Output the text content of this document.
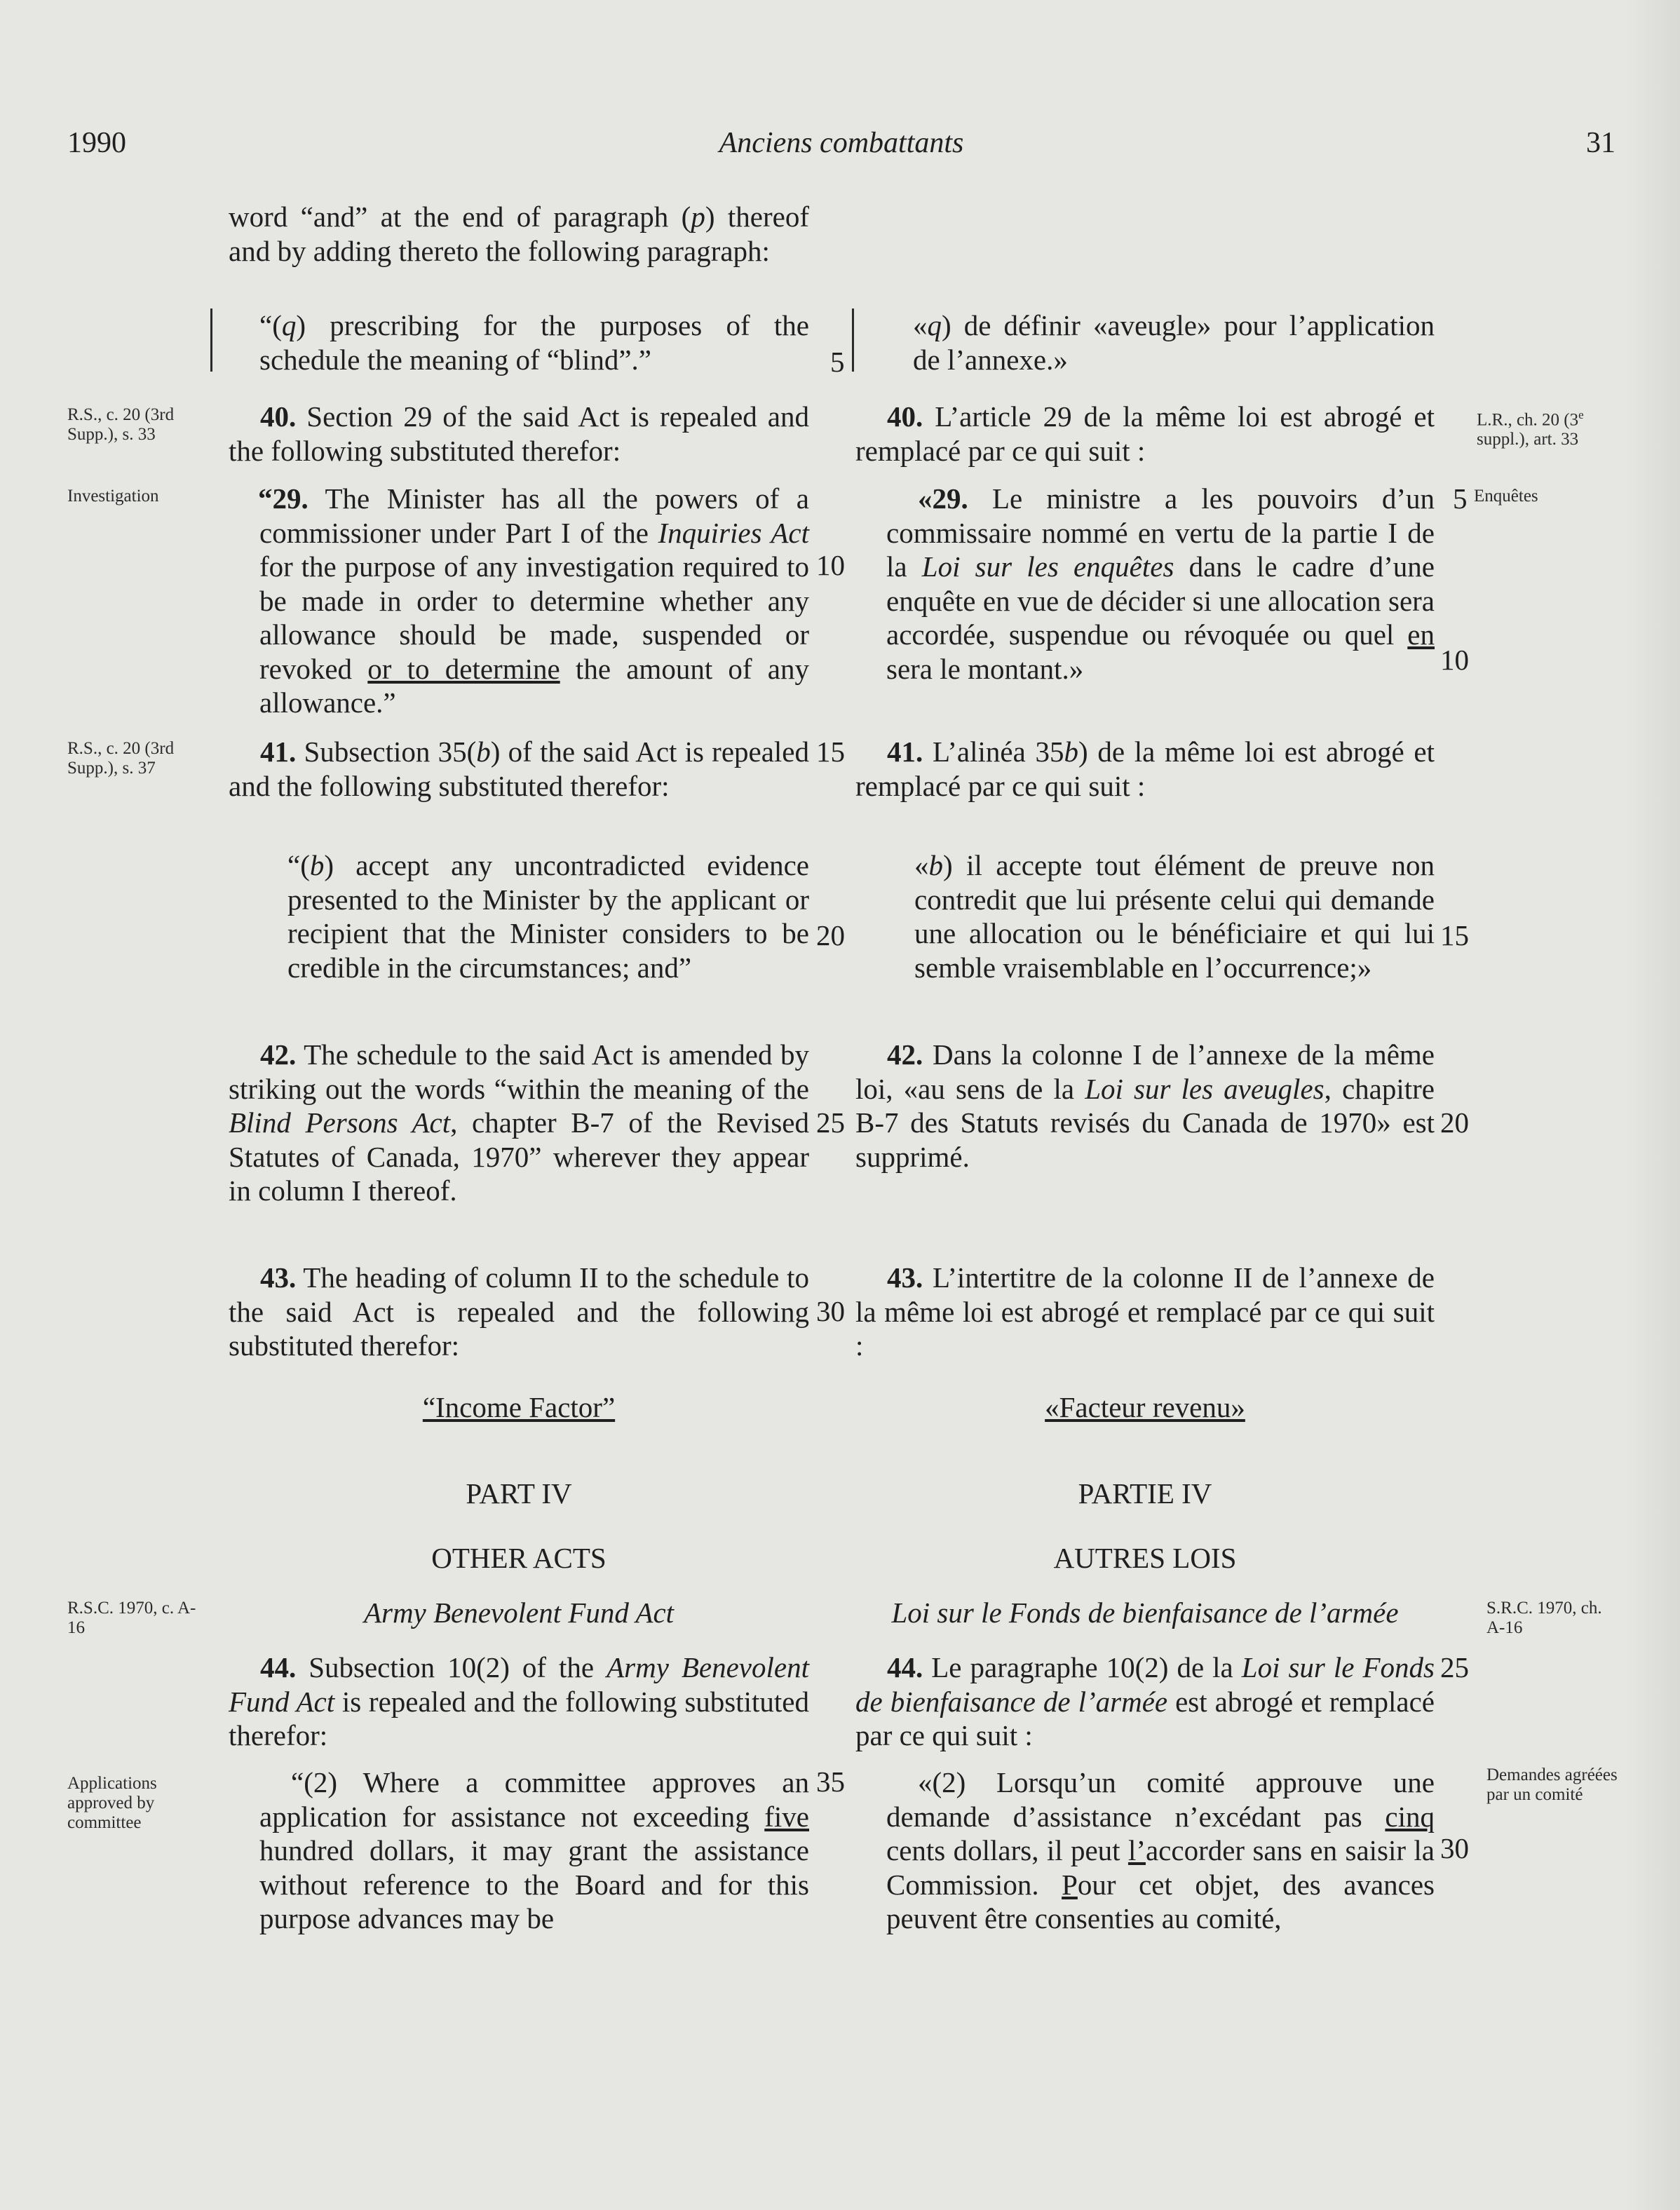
1990	Anciens combattants	31

word “and” at the end of paragraph (p) thereof and by adding thereto the following paragraph:

“(q) prescribing for the purposes of the schedule the meaning of “blind”.”

40. Section 29 of the said Act is repealed and the following substituted therefor:

“29. The Minister has all the powers of a commissioner under Part I of the Inquiries Act for the purpose of any investigation required to be made in order to determine whether any allowance should be made, suspended or revoked or to determine the amount of any allowance.”

41. Subsection 35(b) of the said Act is repealed and the following substituted therefor:

“(b) accept any uncontradicted evidence presented to the Minister by the applicant or recipient that the Minister considers to be credible in the circumstances; and”

42. The schedule to the said Act is amended by striking out the words “within the meaning of the Blind Persons Act, chapter B-7 of the Revised Statutes of Canada, 1970” wherever they appear in column I thereof.

43. The heading of column II to the schedule to the said Act is repealed and the following substituted therefor:

“Income Factor”
PART IV
OTHER ACTS
Army Benevolent Fund Act

44. Subsection 10(2) of the Army Benevolent Fund Act is repealed and the following substituted therefor:

“(2) Where a committee approves an application for assistance not exceeding five hundred dollars, it may grant the assistance without reference to the Board and for this purpose advances may be

5
10
15
20
25
30
35

«q) de définir «aveugle» pour l’application de l’annexe.»

40. L’article 29 de la même loi est abrogé et remplacé par ce qui suit :

«29. Le ministre a les pouvoirs d’un commissaire nommé en vertu de la partie I de la Loi sur les enquêtes dans le cadre d’une enquête en vue de décider si une allocation sera accordée, suspendue ou révoquée ou quel en sera le montant.»

41. L’alinéa 35b) de la même loi est abrogé et remplacé par ce qui suit :

«b) il accepte tout élément de preuve non contredit que lui présente celui qui demande une allocation ou le bénéficiaire et qui lui semble vraisemblable en l’occurrence;»

42. Dans la colonne I de l’annexe de la même loi, «au sens de la Loi sur les aveugles, chapitre B-7 des Statuts revisés du Canada de 1970» est supprimé.

43. L’intertitre de la colonne II de l’annexe de la même loi est abrogé et remplacé par ce qui suit :

«Facteur revenu»
PARTIE IV
AUTRES LOIS
Loi sur le Fonds de bienfaisance de l’armée

44. Le paragraphe 10(2) de la Loi sur le Fonds de bienfaisance de l’armée est abrogé et remplacé par ce qui suit :

«(2) Lorsqu’un comité approuve une demande d’assistance n’excédant pas cinq cents dollars, il peut l’accorder sans en saisir la Commission. Pour cet objet, des avances peuvent être consenties au comité,

5
10
15
20
25
30
R.S., c. 20 (3rd Supp.), s. 33
Investigation
R.S., c. 20 (3rd Supp.), s. 37
R.S.C. 1970, c. A-16
Applications approved by committee
L.R., ch. 20 (3e suppl.), art. 33
Enquêtes
S.R.C. 1970, ch. A-16
Demandes agréées par un comité
